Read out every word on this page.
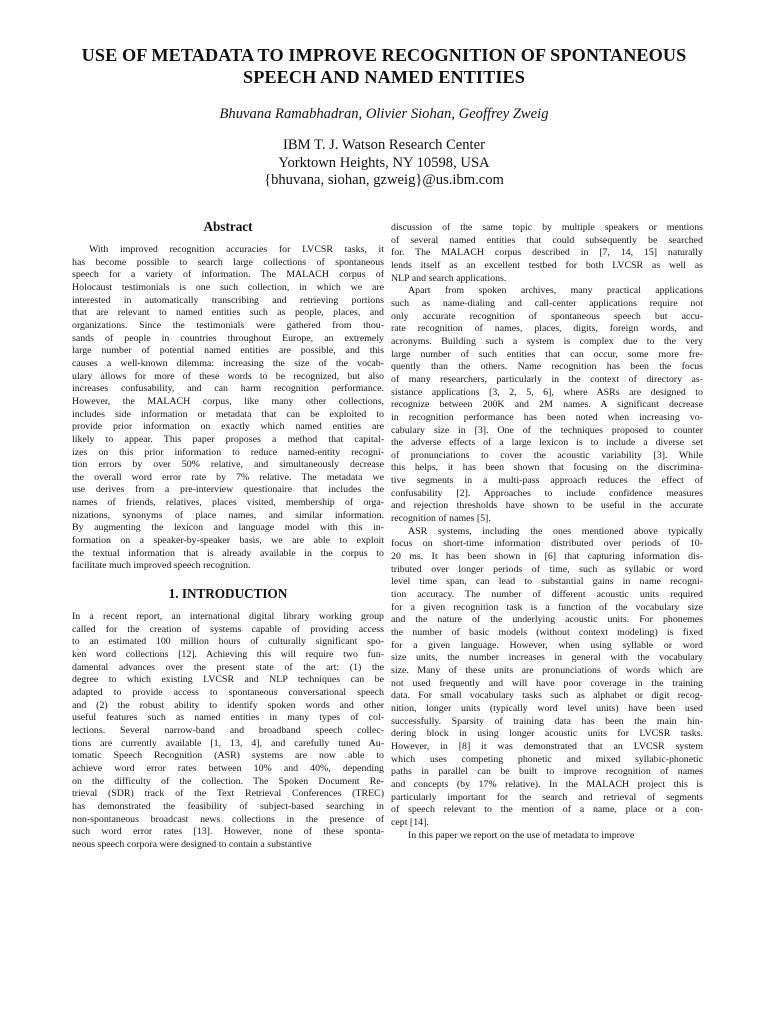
USE OF METADATA TO IMPROVE RECOGNITION OF SPONTANEOUS
SPEECH AND NAMED ENTITIES
Bhuvana Ramabhadran, Olivier Siohan, Geoffrey Zweig
IBM T. J. Watson Research Center
Yorktown Heights, NY 10598, USA
{bhuvana, siohan, gzweig}@us.ibm.com
Abstract

With improved recognition accuracies for LVCSR tasks, it
has become possible to search large collections of spontaneous
speech for a variety of information. The MALACH corpus of
Holocaust testimonials is one such collection, in which we are
interested in automatically transcribing and retrieving portions
that are relevant to named entities such as people, places, and
organizations. Since the testimonials were gathered from thou-
sands of people in countries throughout Europe, an extremely
large number of potential named entities are possible, and this
causes a well-known dilemma: increasing the size of the vocab-
ulary allows for more of these words to be recognized, but also
increases confusability, and can harm recognition performance.
However, the MALACH corpus, like many other collections,
includes side information or metadata that can be exploited to
provide prior information on exactly which named entities are
likely to appear. This paper proposes a method that capital-
izes on this prior information to reduce named-entity recogni-
tion errors by over 50% relative, and simultaneously decrease
the overall word error rate by 7% relative. The metadata we
use derives from a pre-interview questionaire that includes the
names of friends, relatives, places visited, membership of orga-
nizations, synonyms of place names, and similar information.
By augmenting the lexicon and language model with this in-
formation on a speaker-by-speaker basis, we are able to exploit
the textual information that is already available in the corpus to
facilitate much improved speech recognition.

1. INTRODUCTION

In a recent report, an international digital library working group
called for the creation of systems capable of providing access
to an estimated 100 million hours of culturally significant spo-
ken word collections [12]. Achieving this will require two fun-
damental advances over the present state of the art: (1) the
degree to which existing LVCSR and NLP techniques can be
adapted to provide access to spontaneous conversational speech
and (2) the robust ability to identify spoken words and other
useful features such as named entities in many types of col-
lections. Several narrow-band and broadband speech collec-
tions are currently available [1, 13, 4], and carefully tuned Au-
tomatic Speech Recognition (ASR) systems are now able to
achieve word error rates between 10% and 40%, depending
on the difficulty of the collection. The Spoken Document Re-
trieval (SDR) track of the Text Retrieval Conferences (TREC)
has demonstrated the feasibility of subject-based searching in
non-spontaneous broadcast news collections in the presence of
such word error rates [13]. However, none of these sponta-
neous speech corpora were designed to contain a substantive

discussion of the same topic by multiple speakers or mentions
of several named entities that could subsequently be searched
for. The MALACH corpus described in [7, 14, 15] naturally
lends itself as an excellent testbed for both LVCSR as well as
NLP and search applications.

Apart from spoken archives, many practical applications
such as name-dialing and call-center applications require not
only accurate recognition of spontaneous speech but accu-
rate recognition of names, places, digits, foreign words, and
acronyms. Building such a system is complex due to the very
large number of such entities that can occur, some more fre-
quently than the others. Name recognition has been the focus
of many researchers, particularly in the context of directory as-
sistance applications [3, 2, 5, 6], where ASRs are designed to
recognize between 200K and 2M names. A significant decrease
in recognition performance has been noted when increasing vo-
cabulary size in [3]. One of the techniques proposed to counter
the adverse effects of a large lexicon is to include a diverse set
of pronunciations to cover the acoustic variability [3]. While
this helps, it has been shown that focusing on the discrimina-
tive segments in a multi-pass approach reduces the effect of
confusability [2]. Approaches to include confidence measures
and rejection thresholds have shown to be useful in the accurate
recognition of names [5].

ASR systems, including the ones mentioned above typically
focus on short-time information distributed over periods of 10-
20 ms. It has been shown in [6] that capturing information dis-
tributed over longer periods of time, such as syllabic or word
level time span, can lead to substantial gains in name recogni-
tion accuracy. The number of different acoustic units required
for a given recognition task is a function of the vocabulary size
and the nature of the underlying acoustic units. For phonemes
the number of basic models (without context modeling) is fixed
for a given language. However, when using syllable or word
size units, the number increases in general with the vocabulary
size. Many of these units are pronunciations of words which are
not used frequently and will have poor coverage in the training
data. For small vocabulary tasks such as alphabet or digit recog-
nition, longer units (typically word level units) have been used
successfully. Sparsity of training data has been the main hin-
dering block in using longer acoustic units for LVCSR tasks.
However, in [8] it was demonstrated that an LVCSR system
which uses competing phonetic and mixed syllabic-phonetic
paths in parallel can be built to improve recognition of names
and concepts (by 17% relative). In the MALACH project this is
particularly important for the search and retrieval of segments
of speech relevant to the mention of a name, place or a con-
cept [14].

In this paper we report on the use of metadata to improve
